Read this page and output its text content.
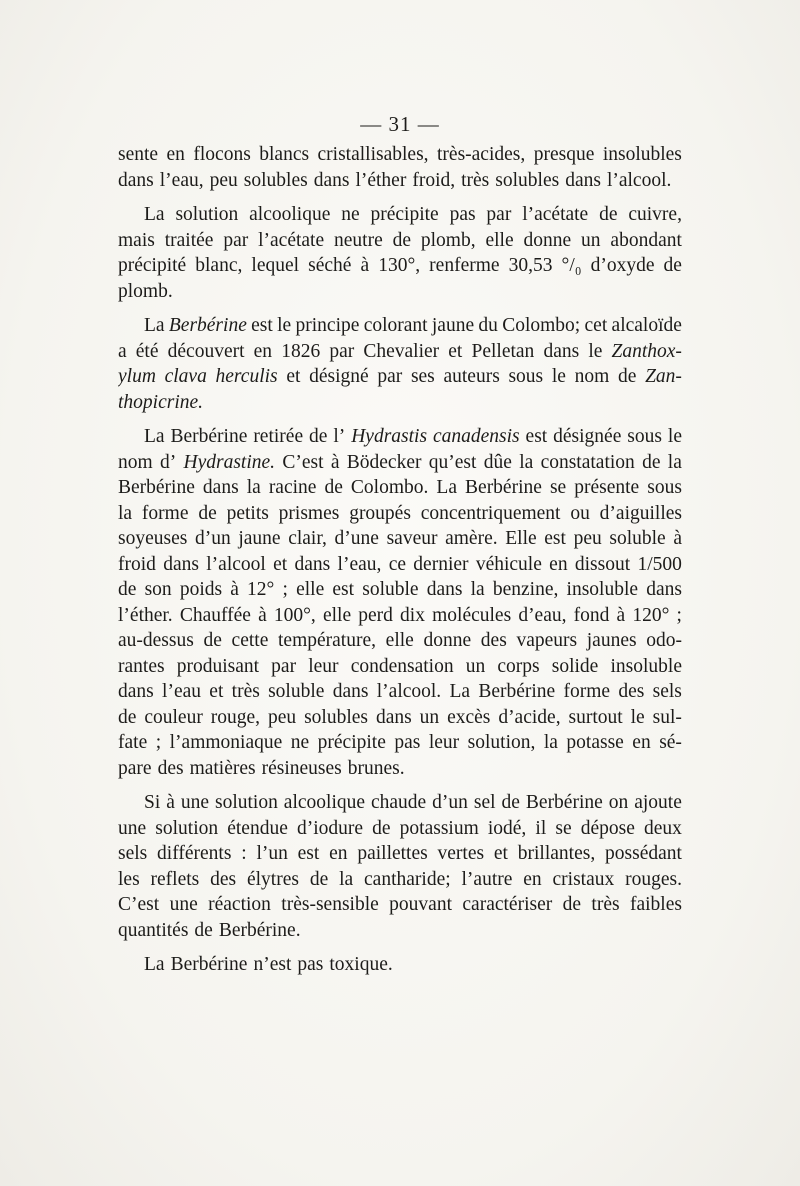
— 31 —
sente en flocons blancs cristallisables, très-acides, presque insolubles
dans l’eau, peu solubles dans l’éther froid, très solubles dans l’alcool.
La solution alcoolique ne précipite pas par l’acétate de cuivre,
mais traitée par l’acétate neutre de plomb, elle donne un abondant
précipité blanc, lequel séché à 130°, renferme 30,53 °/₀ d’oxyde de
plomb.
La Berbérine est le principe colorant jaune du Colombo; cet alcaloïde
a été découvert en 1826 par Chevalier et Pelletan dans le Zanthox-
ylum clava herculis et désigné par ses auteurs sous le nom de Zan-
thopicrine.
La Berbérine retirée de l’ Hydrastis canadensis est désignée sous le
nom d’ Hydrastine. C’est à Bödecker qu’est dûe la constatation de la
Berbérine dans la racine de Colombo. La Berbérine se présente sous
la forme de petits prismes groupés concentriquement ou d’aiguilles
soyeuses d’un jaune clair, d’une saveur amère. Elle est peu soluble à
froid dans l’alcool et dans l’eau, ce dernier véhicule en dissout 1/500
de son poids à 12° ; elle est soluble dans la benzine, insoluble dans
l’éther. Chauffée à 100°, elle perd dix molécules d’eau, fond à 120° ;
au-dessus de cette température, elle donne des vapeurs jaunes odo-
rantes produisant par leur condensation un corps solide insoluble
dans l’eau et très soluble dans l’alcool. La Berbérine forme des sels
de couleur rouge, peu solubles dans un excès d’acide, surtout le sul-
fate ; l’ammoniaque ne précipite pas leur solution, la potasse en sé-
pare des matières résineuses brunes.
Si à une solution alcoolique chaude d’un sel de Berbérine on ajoute
une solution étendue d’iodure de potassium iodé, il se dépose deux
sels différents : l’un est en paillettes vertes et brillantes, possédant
les reflets des élytres de la cantharide; l’autre en cristaux rouges.
C’est une réaction très-sensible pouvant caractériser de très faibles
quantités de Berbérine.
La Berbérine n’est pas toxique.
